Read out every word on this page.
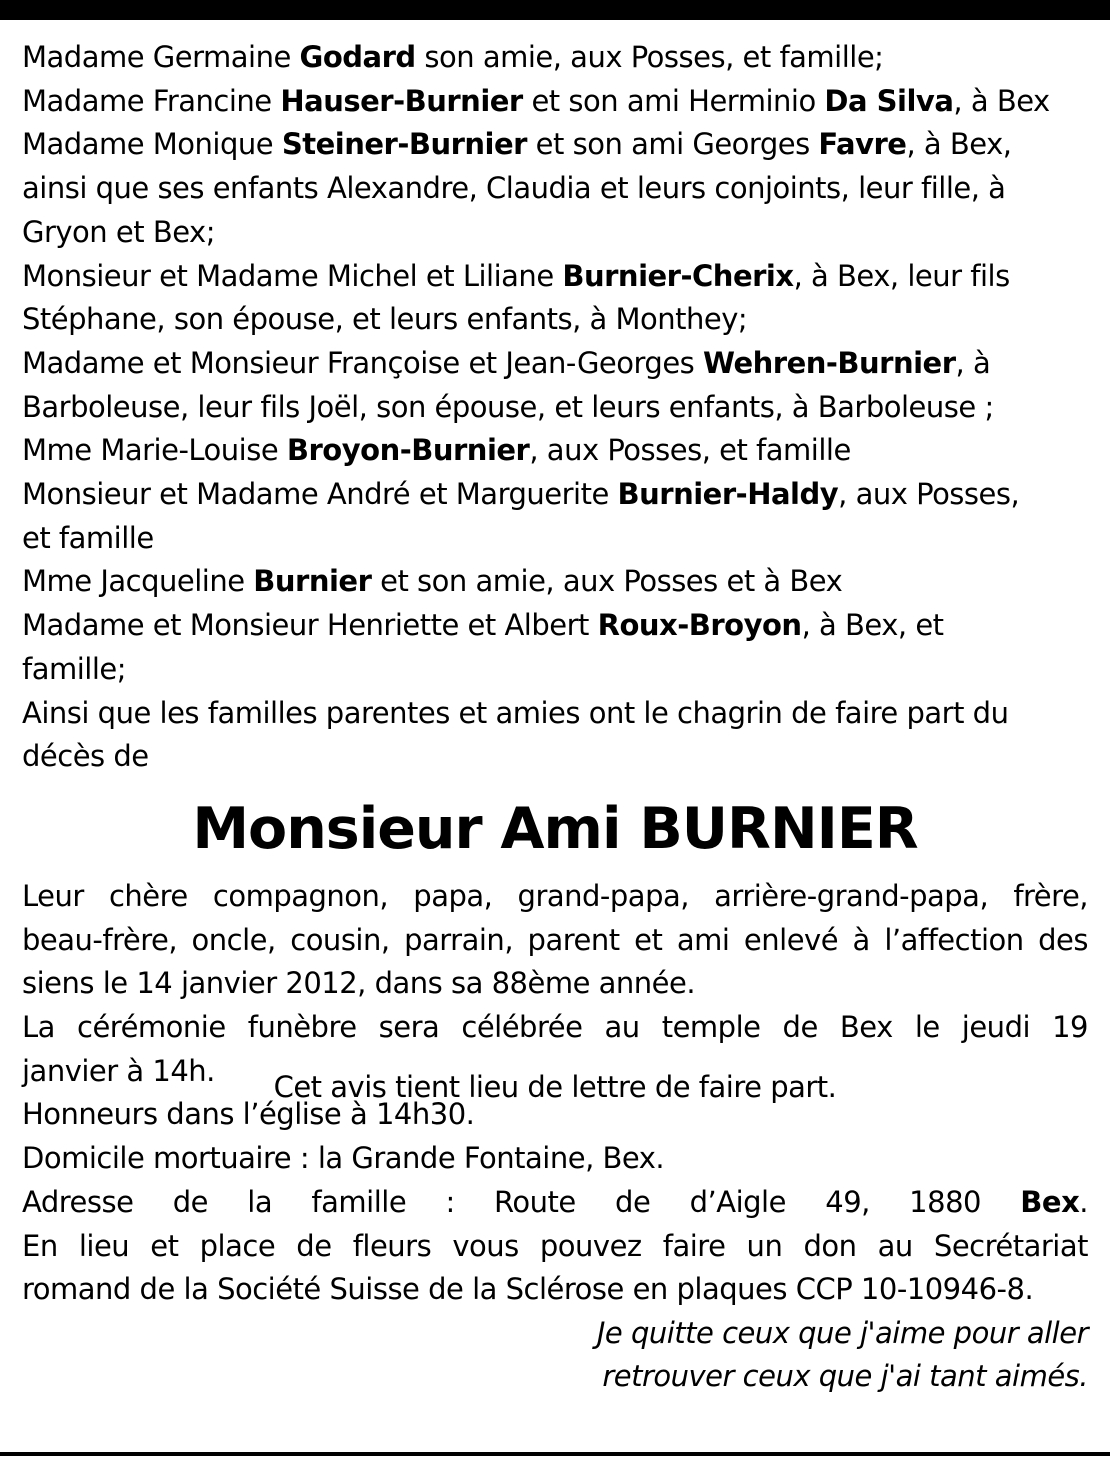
Madame Germaine Godard son amie, aux Posses, et famille;
Madame Francine Hauser-Burnier et son ami Herminio Da Silva, à Bex
Madame Monique Steiner-Burnier et son ami Georges Favre, à Bex,
ainsi que ses enfants Alexandre, Claudia et leurs conjoints, leur fille, à
Gryon et Bex;
Monsieur et Madame Michel et Liliane Burnier-Cherix, à Bex, leur fils
Stéphane, son épouse, et leurs enfants, à Monthey;
Madame et Monsieur Françoise et Jean-Georges Wehren-Burnier, à
Barboleuse, leur fils Joël, son épouse, et leurs enfants, à Barboleuse ;
Mme Marie-Louise Broyon-Burnier, aux Posses, et famille
Monsieur et Madame André et Marguerite Burnier-Haldy, aux Posses,
et famille
Mme Jacqueline Burnier et son amie, aux Posses et à Bex
Madame et Monsieur Henriette et Albert Roux-Broyon, à Bex, et
famille;
Ainsi que les familles parentes et amies ont le chagrin de faire part du
décès de
Monsieur Ami BURNIER
Leur chère compagnon, papa, grand-papa, arrière-grand-papa, frère,
beau-frère, oncle, cousin, parrain, parent et ami enlevé à l’affection des
siens le 14 janvier 2012, dans sa 88ème année.
La cérémonie funèbre sera célébrée au temple de Bex le jeudi 19
janvier à 14h.
Honneurs dans l’église à 14h30.
Domicile mortuaire : la Grande Fontaine, Bex.
Adresse de la famille : Route de d’Aigle 49, 1880 Bex.
En lieu et place de fleurs vous pouvez faire un don au Secrétariat
romand de la Société Suisse de la Sclérose en plaques CCP 10-10946-8.
Je quitte ceux que j'aime pour aller
retrouver ceux que j'ai tant aimés.
Cet avis tient lieu de lettre de faire part.
